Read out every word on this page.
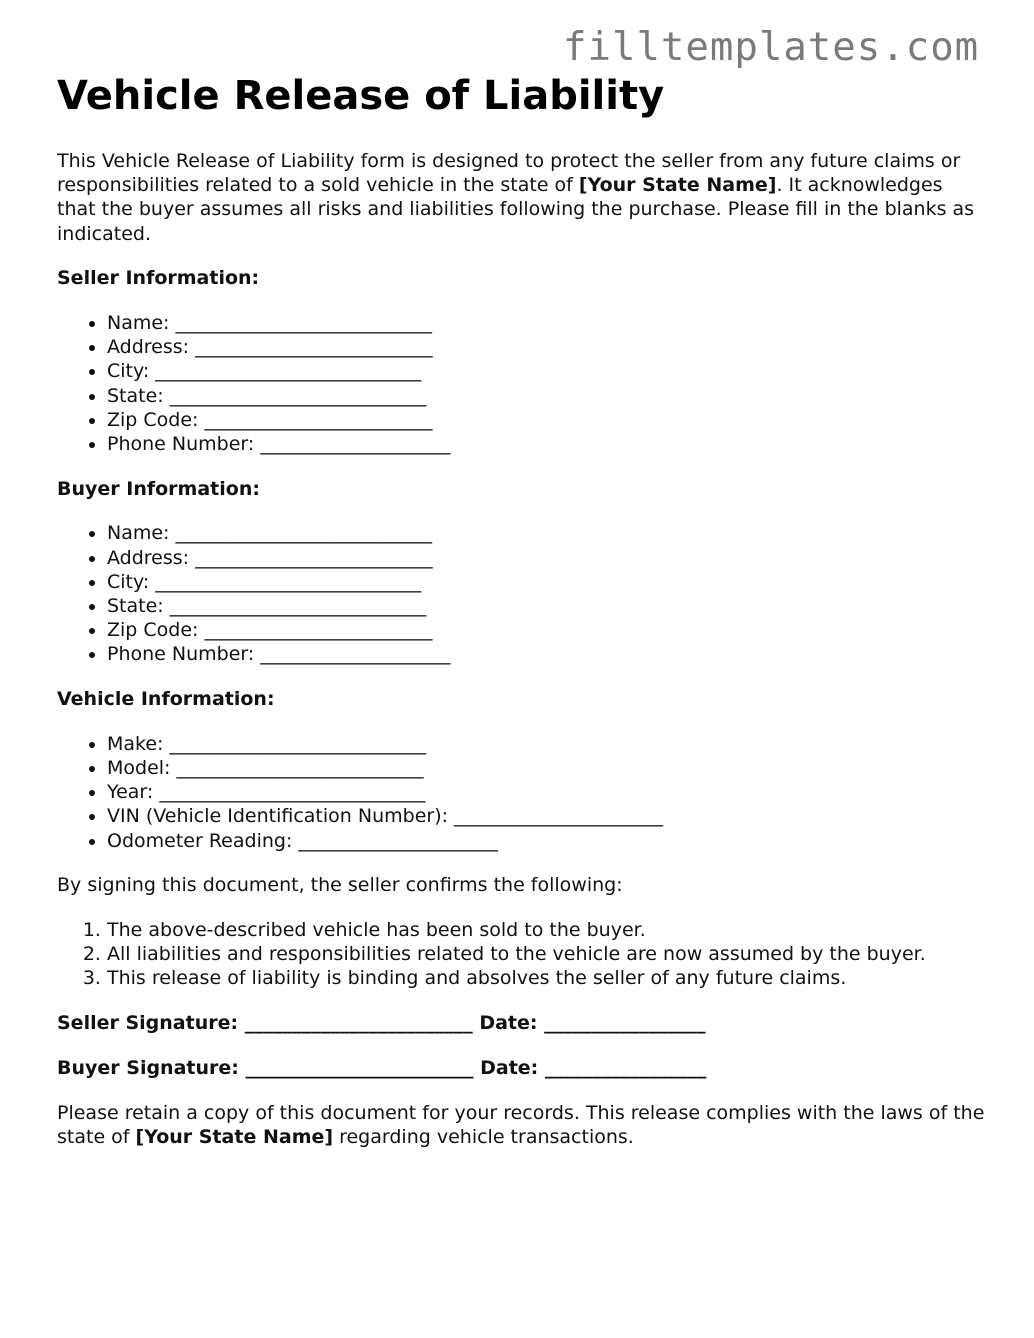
filltemplates.com
Vehicle Release of Liability

This Vehicle Release of Liability form is designed to protect the seller from any future claims or responsibilities related to a sold vehicle in the state of [Your State Name]. It acknowledges that the buyer assumes all risks and liabilities following the purchase. Please fill in the blanks as indicated.

Seller Information:

• Name: ___________________________
• Address: _________________________
• City: ____________________________
• State: ___________________________
• Zip Code: ________________________
• Phone Number: ____________________

Buyer Information:

• Name: ___________________________
• Address: _________________________
• City: ____________________________
• State: ___________________________
• Zip Code: ________________________
• Phone Number: ____________________

Vehicle Information:

• Make: ___________________________
• Model: __________________________
• Year: ____________________________
• VIN (Vehicle Identification Number): ______________________
• Odometer Reading: _____________________

By signing this document, the seller confirms the following:

1. The above-described vehicle has been sold to the buyer.
2. All liabilities and responsibilities related to the vehicle are now assumed by the buyer.
3. This release of liability is binding and absolves the seller of any future claims.

Seller Signature: ________________________ Date: _________________

Buyer Signature: ________________________ Date: _________________

Please retain a copy of this document for your records. This release complies with the laws of the state of [Your State Name] regarding vehicle transactions.
